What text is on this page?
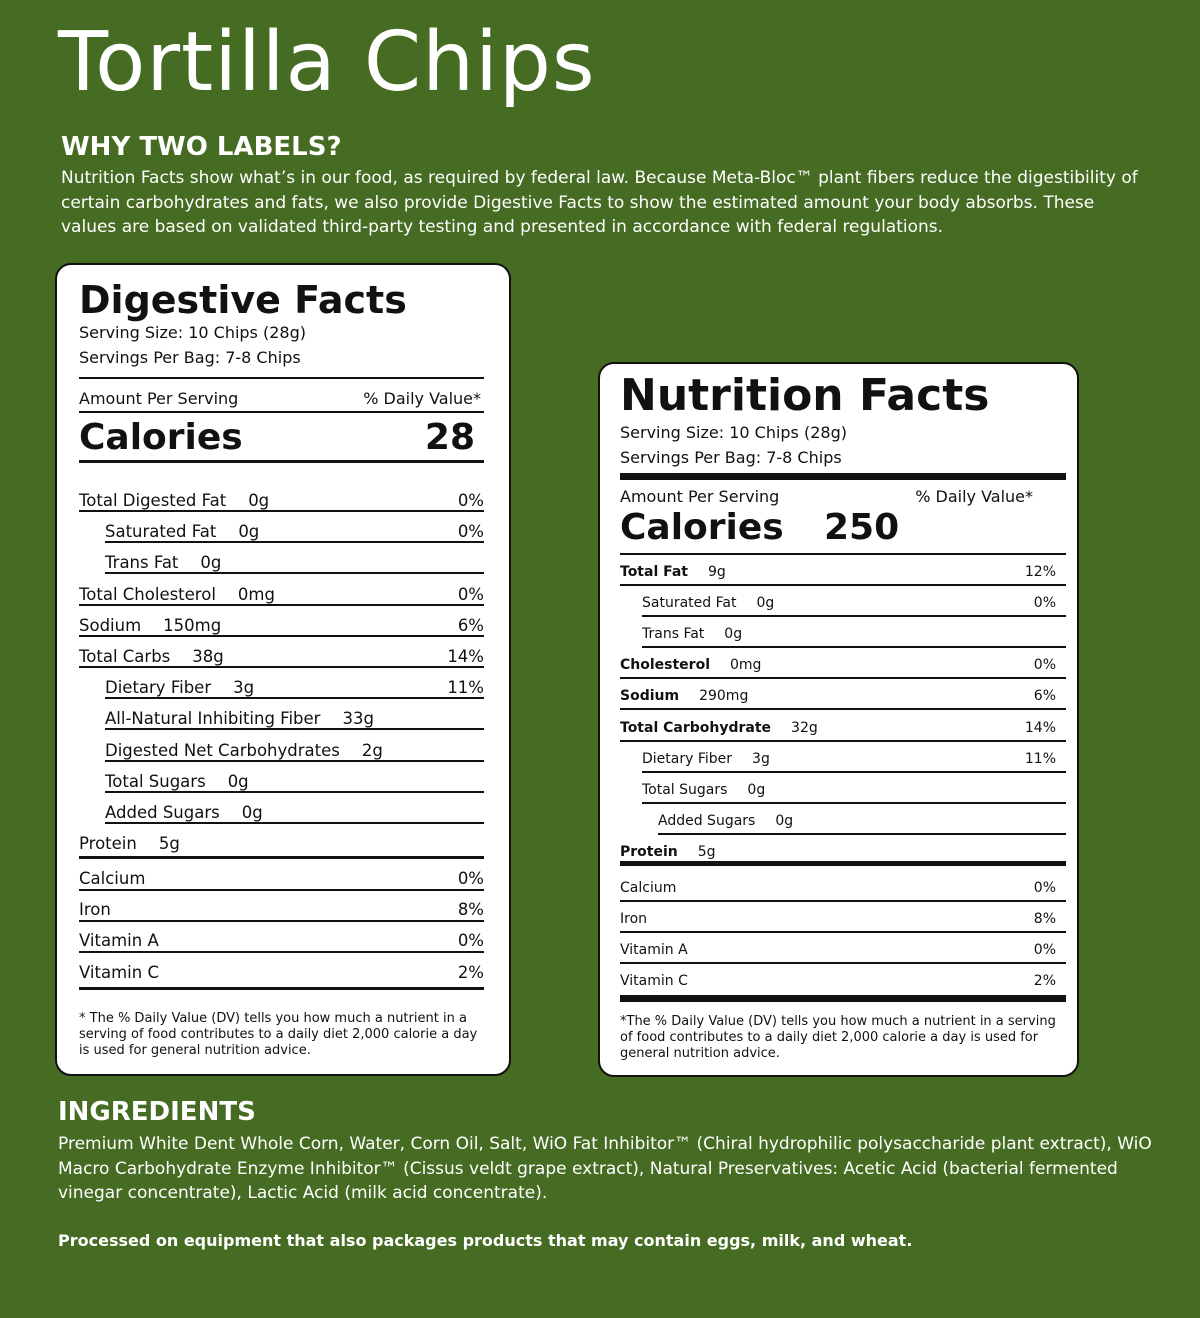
Tortilla Chips
WHY TWO LABELS?

Nutrition Facts show what’s in our food, as required by federal law. Because Meta-Bloc™ plant fibers reduce the digestibility of certain carbohydrates and fats, we also provide Digestive Facts to show the estimated amount your body absorbs. These values are based on validated third-party testing and presented in accordance with federal regulations.

Digestive Facts

Serving Size: 10 Chips (28g)

Servings Per Bag: 7-8 Chips

Amount Per Serving	% Daily Value*

Calories	28

Total Digested Fat 0g	0%
Saturated Fat 0g	0%
Trans Fat 0g
Total Cholesterol 0mg	0%
Sodium 150mg	6%
Total Carbs 38g	14%
Dietary Fiber 3g	11%
All-Natural Inhibiting Fiber 33g
Digested Net Carbohydrates 2g
Total Sugars 0g
Added Sugars 0g
Protein 5g
Calcium	0%
Iron	8%
Vitamin A	0%
Vitamin C	2%

* The % Daily Value (DV) tells you how much a nutrient in a serving of food contributes to a daily diet 2,000 calorie a day is used for general nutrition advice.

Nutrition Facts

Serving Size: 10 Chips (28g)

Servings Per Bag: 7-8 Chips

Amount Per Serving	% Daily Value*

Calories 250

Total Fat 9g	12%
Saturated Fat 0g	0%
Trans Fat 0g
Cholesterol 0mg	0%
Sodium 290mg	6%
Total Carbohydrate 32g	14%
Dietary Fiber 3g	11%
Total Sugars 0g
Added Sugars 0g
Protein 5g
Calcium	0%
Iron	8%
Vitamin A	0%
Vitamin C	2%

*The % Daily Value (DV) tells you how much a nutrient in a serving of food contributes to a daily diet 2,000 calorie a day is used for general nutrition advice.

INGREDIENTS

Premium White Dent Whole Corn, Water, Corn Oil, Salt, WiO Fat Inhibitor™ (Chiral hydrophilic polysaccharide plant extract), WiO Macro Carbohydrate Enzyme Inhibitor™ (Cissus veldt grape extract), Natural Preservatives: Acetic Acid (bacterial fermented vinegar concentrate), Lactic Acid (milk acid concentrate).

Processed on equipment that also packages products that may contain eggs, milk, and wheat.
